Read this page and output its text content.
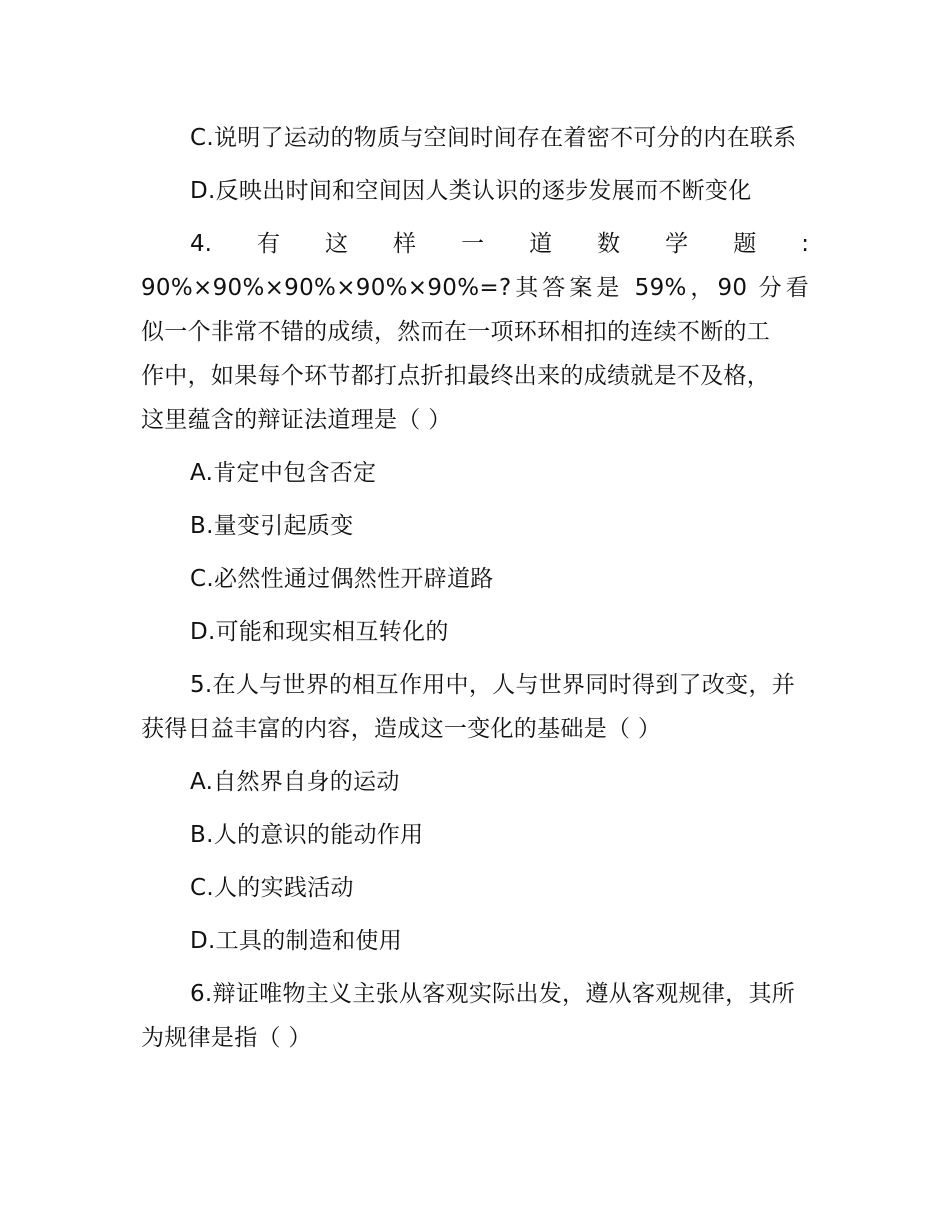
C.说明了运动的物质与空间时间存在着密不可分的内在联系

D.反映出时间和空间因人类认识的逐步发展而不断变化

4. 有 这 样 一 道 数 学 题 :
90%×90%×90%×90%×90%=?其答案是 59%，90 分看
似一个非常不错的成绩，然而在一项环环相扣的连续不断的工
作中，如果每个环节都打点折扣最终出来的成绩就是不及格，
这里蕴含的辩证法道理是（ ）

A.肯定中包含否定

B.量变引起质变

C.必然性通过偶然性开辟道路

D.可能和现实相互转化的

5.在人与世界的相互作用中，人与世界同时得到了改变，并获得日益丰富的内容，造成这一变化的基础是（ ）

A.自然界自身的运动

B.人的意识的能动作用

C.人的实践活动

D.工具的制造和使用

6.辩证唯物主义主张从客观实际出发，遵从客观规律，其所为规律是指（ ）
